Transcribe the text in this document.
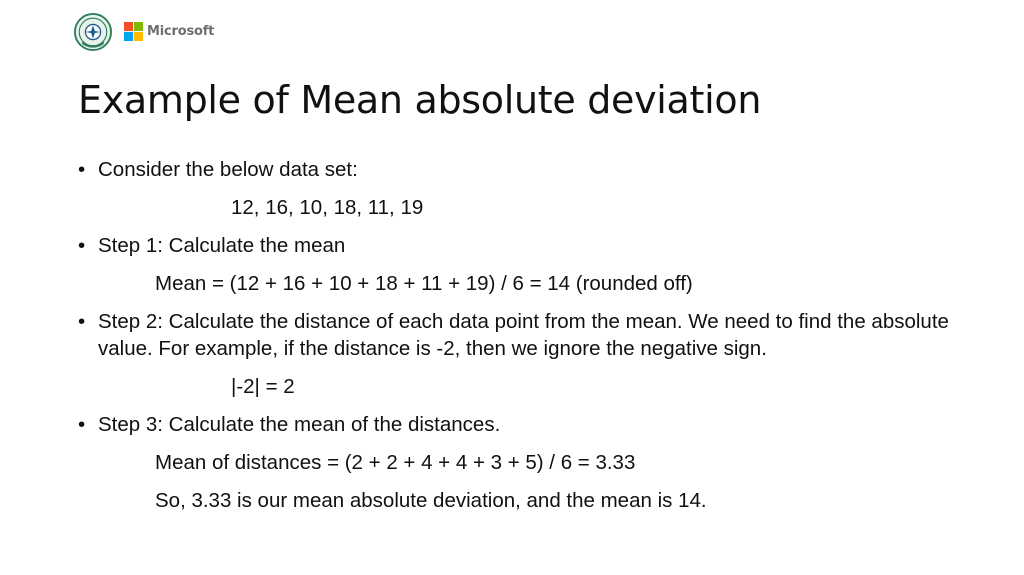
Microsoft
Example of Mean absolute deviation
• Consider the below data set:
12, 16, 10, 18, 11, 19
• Step 1: Calculate the mean
Mean = (12 + 16 + 10 + 18 + 11 + 19) / 6 = 14 (rounded off)
• Step 2: Calculate the distance of each data point from the mean. We need to find the absolute value. For example, if the distance is -2, then we ignore the negative sign.
|-2| = 2
• Step 3: Calculate the mean of the distances.
Mean of distances = (2 + 2 + 4 + 4 + 3 + 5) / 6 = 3.33
So, 3.33 is our mean absolute deviation, and the mean is 14.
